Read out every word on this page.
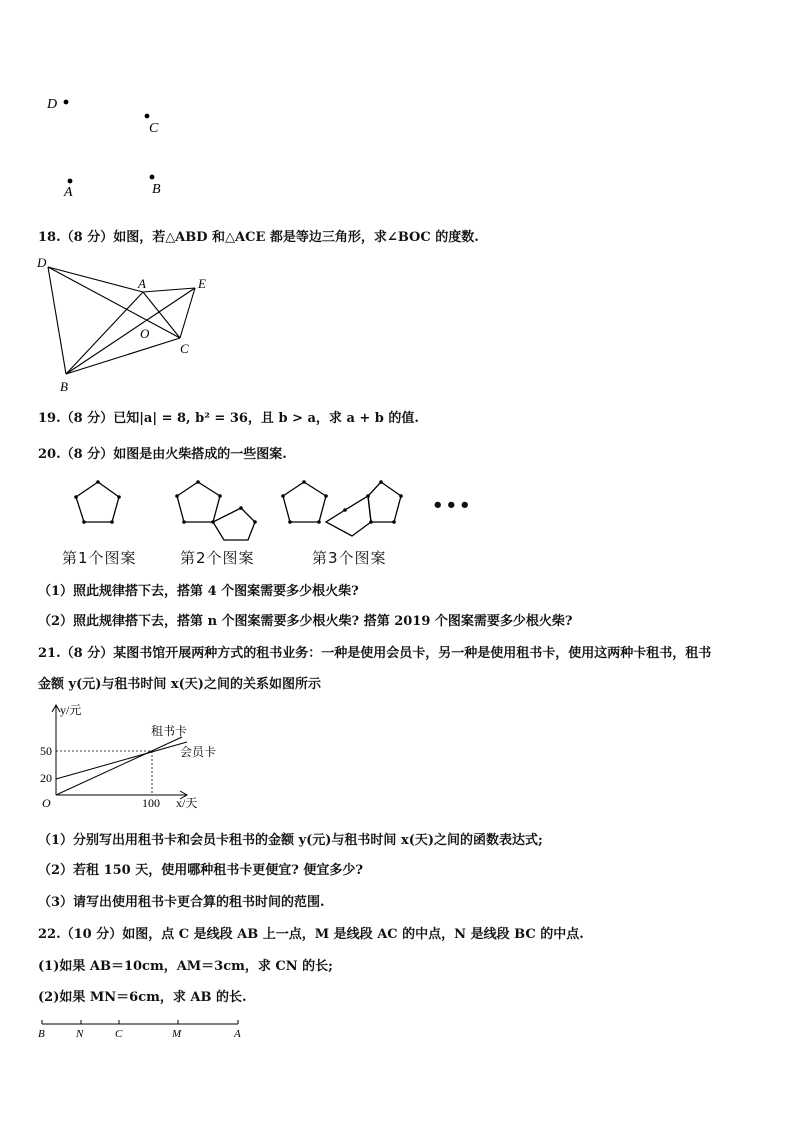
D
C
A	B
18.（8 分）如图，若△ABD 和△ACE 都是等边三角形，求∠BOC 的度数.
D
A	E
O
C
B
19.（8 分）已知|a| = 8, b² = 36，且 b > a，求 a + b 的值.
20.（8 分）如图是由火柴搭成的一些图案.
•••
第1个图案	第2个图案	第3个图案
（1）照此规律搭下去，搭第 4 个图案需要多少根火柴?
（2）照此规律搭下去，搭第 n 个图案需要多少根火柴? 搭第 2019 个图案需要多少根火柴?
21.（8 分）某图书馆开展两种方式的租书业务：一种是使用会员卡，另一种是使用租书卡，使用这两种卡租书，租书
金额 y(元)与租书时间 x(天)之间的关系如图所示
y/元
x/天
O
50
20
100
租书卡
会员卡
（1）分别写出用租书卡和会员卡租书的金额 y(元)与租书时间 x(天)之间的函数表达式;
（2）若租 150 天，使用哪种租书卡更便宜? 便宜多少?
（3）请写出使用租书卡更合算的租书时间的范围.
22.（10 分）如图，点 C 是线段 AB 上一点，M 是线段 AC 的中点，N 是线段 BC 的中点.
(1)如果 AB＝10cm，AM＝3cm，求 CN 的长;
(2)如果 MN＝6cm，求 AB 的长.
B	N	C	M	A
